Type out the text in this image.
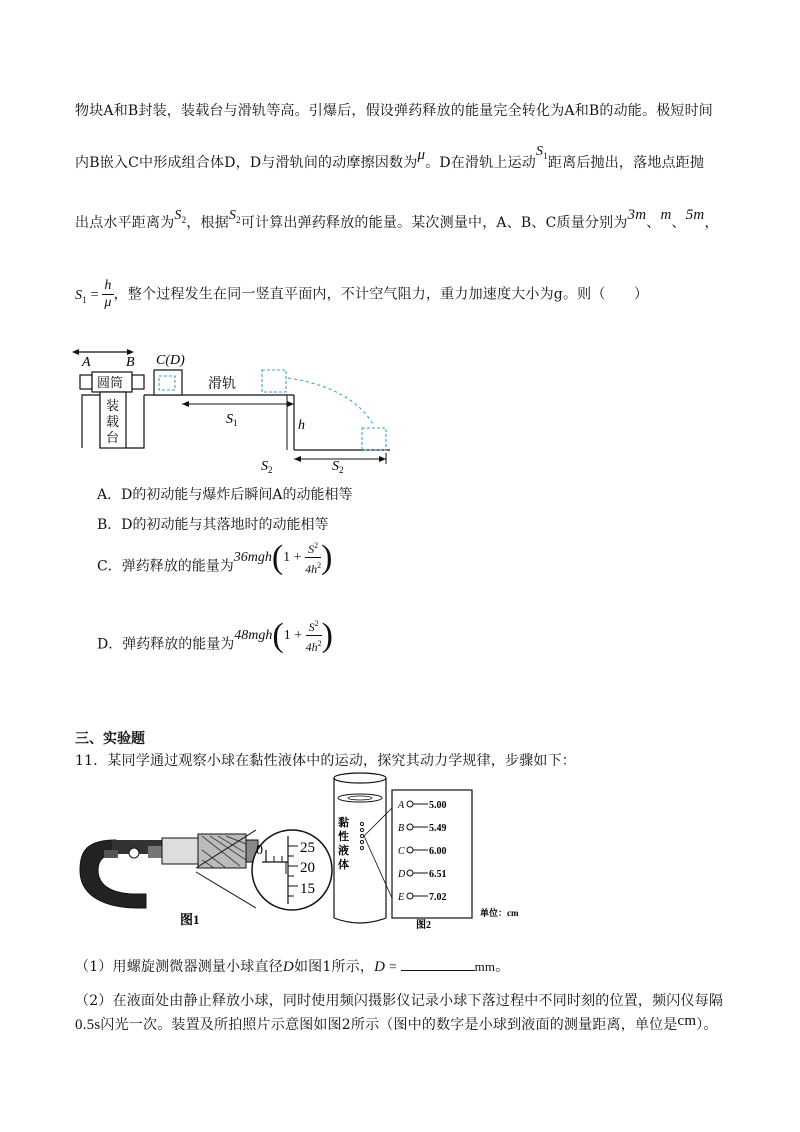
物块A和B封装，装载台与滑轨等高。引爆后，假设弹药释放的能量完全转化为A和B的动能。极短时间
内B嵌入C中形成组合体D，D与滑轨间的动摩擦因数为μ。D在滑轨上运动$S_1$距离后抛出，落地点距抛
出点水平距离为$S_2$，根据$S_2$可计算出弹药释放的能量。某次测量中，A、B、C质量分别为3m、m、5m，
$S_1 = \frac{h}{\mu}$ ，整个过程发生在同一竖直平面内，不计空气阻力，重力加速度大小为g。则（　　）
A	B C(D)
圆筒
装
载
台
滑轨
$S_1$	h
$S_2$
$S_2$
A．D的初动能与爆炸后瞬间A的动能相等
B．D的初动能与其落地时的动能相等
C．弹药释放的能量为$36mgh(1 + \frac{S^2}{4h^2}$ )
D．弹药释放的能量为$48mgh(1 + \frac{S^2}{4h^2}$ )
三、实验题
11．某同学通过观察小球在黏性液体中的运动，探究其动力学规律，步骤如下：
0 25
20
15
图1
黏
性
液
体
A 5.00
B 5.49
C 6.00
D 6.51
E 7.02
图2
单位：cm
（1）用螺旋测微器测量小球直径D如图1所示，D =	mm。
（2）在液面处由静止释放小球，同时使用频闪摄影仪记录小球下落过程中不同时刻的位置，频闪仪每隔
0.5s闪光一次。装置及所拍照片示意图如图2所示（图中的数字是小球到液面的测量距离，单位是cm）。
